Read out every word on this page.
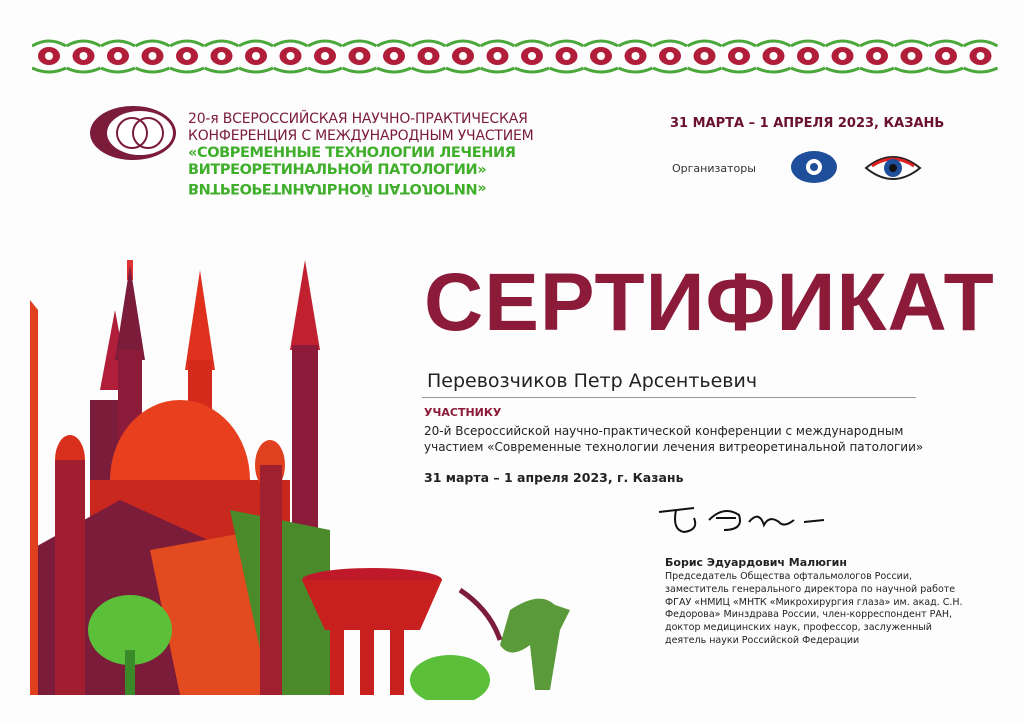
20-я ВСЕРОССИЙСКАЯ НАУЧНО-ПРАКТИЧЕСКАЯ
КОНФЕРЕНЦИЯ С МЕЖДУНАРОДНЫМ УЧАСТИЕМ
«СОВРЕМЕННЫЕ ТЕХНОЛОГИИ ЛЕЧЕНИЯ
ВИТРЕОРЕТИНАЛЬНОЙ ПАТОЛОГИИ»
ВИТРЕОРЕТИНАЛЬНОЙ ПАТОЛОГИИ»
31 МАРТА – 1 АПРЕЛЯ 2023, КАЗАНЬ
Организаторы
СЕРТИФИКАТ
Перевозчиков Петр Арсентьевич
УЧАСТНИКУ
20-й Всероссийской научно-практической конференции с международным участием «Современные технологии лечения витреоретинальной патологии»
31 марта – 1 апреля 2023, г. Казань
Борис Эдуардович Малюгин
Председатель Общества офтальмологов России, заместитель генерального директора по научной работе ФГАУ «НМИЦ «МНТК «Микрохирургия глаза» им. акад. С.Н. Федорова» Минздрава России, член-корреспондент РАН, доктор медицинских наук, профессор, заслуженный деятель науки Российской Федерации
